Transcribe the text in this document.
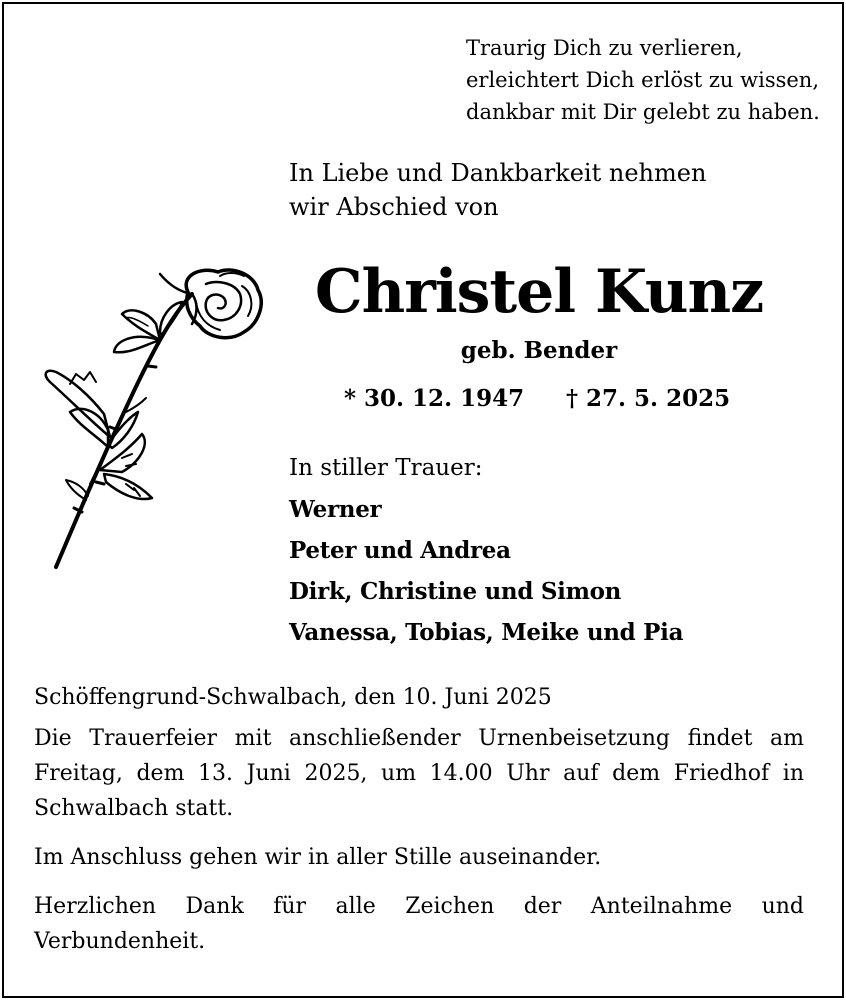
Traurig Dich zu verlieren,
erleichtert Dich erlöst zu wissen,
dankbar mit Dir gelebt zu haben.
In Liebe und Dankbarkeit nehmen
wir Abschied von
Christel Kunz
geb. Bender
* 30. 12. 1947 † 27. 5. 2025
In stiller Trauer:
Werner
Peter und Andrea
Dirk, Christine und Simon
Vanessa, Tobias, Meike und Pia

Schöffengrund-Schwalbach, den 10. Juni 2025

Die Trauerfeier mit anschließender Urnenbeisetzung findet am Freitag, dem 13. Juni 2025, um 14.00 Uhr auf dem Friedhof in Schwalbach statt.

Im Anschluss gehen wir in aller Stille auseinander.

Herzlichen Dank für alle Zeichen der Anteilnahme und Verbundenheit.
